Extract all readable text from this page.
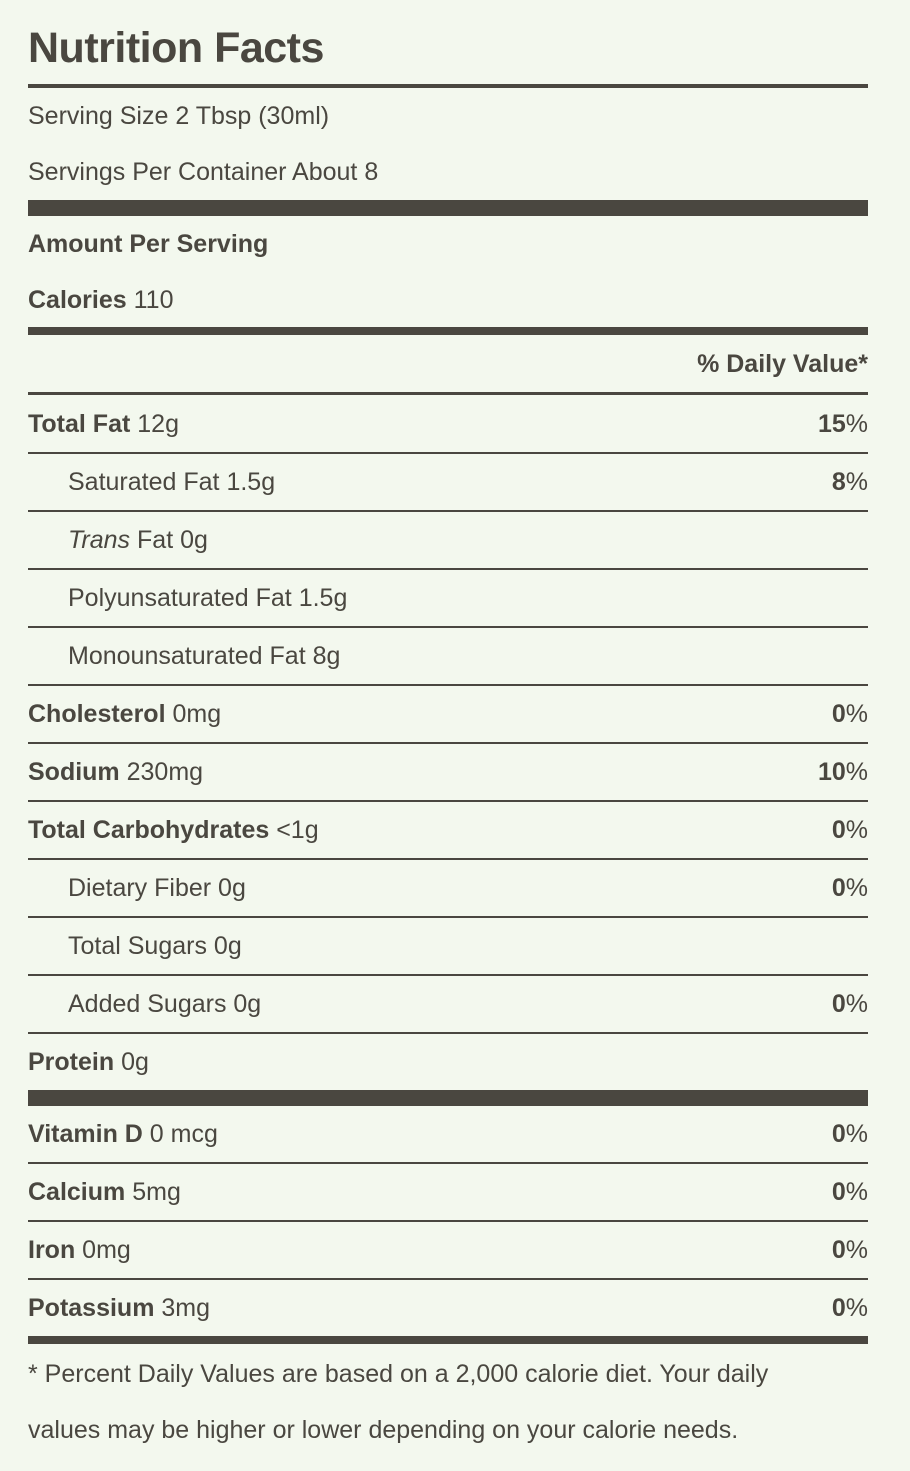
Nutrition Facts
Serving Size 2 Tbsp (30ml)
Servings Per Container About 8
Amount Per Serving
Calories 110
% Daily Value*
Total Fat 12g	15%
Saturated Fat 1.5g	8%
Trans Fat 0g
Polyunsaturated Fat 1.5g
Monounsaturated Fat 8g
Cholesterol 0mg	0%
Sodium 230mg	10%
Total Carbohydrates <1g	0%
Dietary Fiber 0g	0%
Total Sugars 0g
Added Sugars 0g	0%
Protein 0g
Vitamin D 0 mcg	0%
Calcium 5mg	0%
Iron 0mg	0%
Potassium 3mg	0%
* Percent Daily Values are based on a 2,000 calorie diet. Your daily
values may be higher or lower depending on your calorie needs.
